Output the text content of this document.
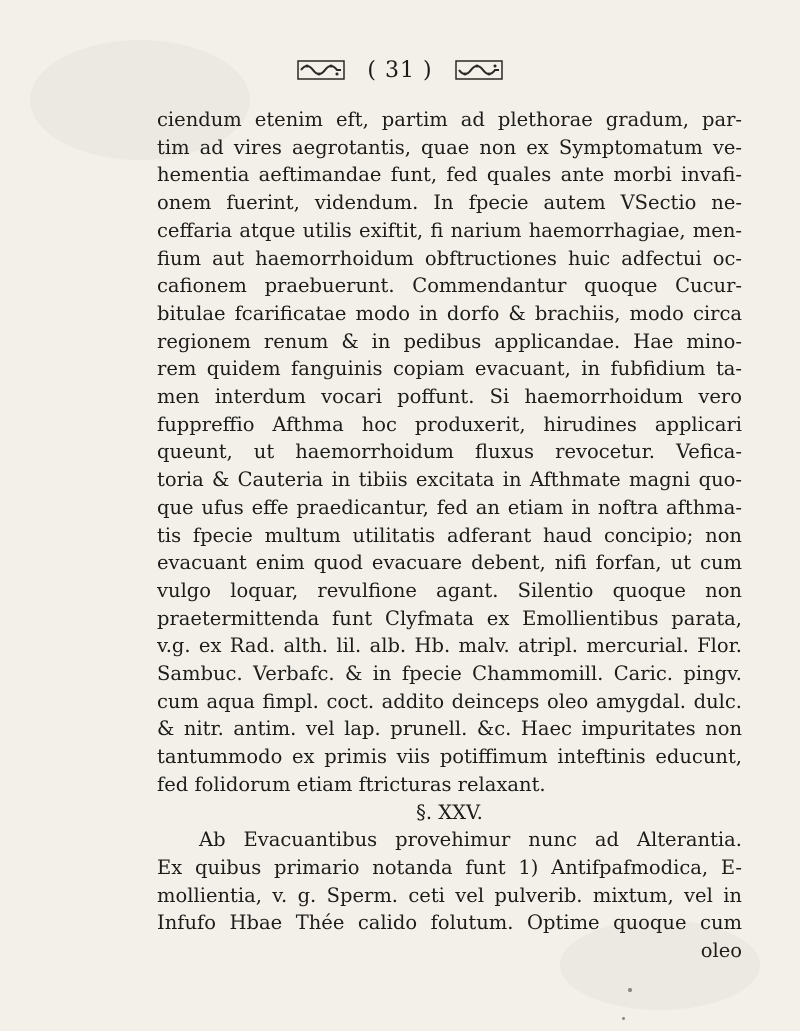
( 31 )
ciendum etenim eft, partim ad plethorae gradum, par-
tim ad vires aegrotantis, quae non ex Symptomatum ve-
hementia aeftimandae funt, fed quales ante morbi invafi-
onem fuerint, videndum. In fpecie autem VSectio ne-
ceffaria atque utilis exiftit, fi narium haemorrhagiae, men-
fium aut haemorrhoidum obftructiones huic adfectui oc-
cafionem praebuerunt. Commendantur quoque Cucur-
bitulae fcarificatae modo in dorfo & brachiis, modo circa
regionem renum & in pedibus applicandae. Hae mino-
rem quidem fanguinis copiam evacuant, in fubfidium ta-
men interdum vocari poffunt. Si haemorrhoidum vero
fuppreffio Afthma hoc produxerit, hirudines applicari
queunt, ut haemorrhoidum fluxus revocetur. Vefica-
toria & Cauteria in tibiis excitata in Afthmate magni quo-
que ufus effe praedicantur, fed an etiam in noftra afthma-
tis fpecie multum utilitatis adferant haud concipio; non
evacuant enim quod evacuare debent, nifi forfan, ut cum
vulgo loquar, revulfione agant. Silentio quoque non
praetermittenda funt Clyfmata ex Emollientibus parata,
v.g. ex Rad. alth. lil. alb. Hb. malv. atripl. mercurial. Flor.
Sambuc. Verbafc. & in fpecie Chammomill. Caric. pingv.
cum aqua fimpl. coct. addito deinceps oleo amygdal. dulc.
& nitr. antim. vel lap. prunell. &c. Haec impuritates non
tantummodo ex primis viis potiffimum inteftinis educunt,
fed folidorum etiam ftricturas relaxant.
§. XXV.
Ab Evacuantibus provehimur nunc ad Alterantia.
Ex quibus primario notanda funt 1) Antifpafmodica, E-
mollientia, v. g. Sperm. ceti vel pulverib. mixtum, vel in
Infufo Hbae Thée calido folutum. Optime quoque cum
oleo
